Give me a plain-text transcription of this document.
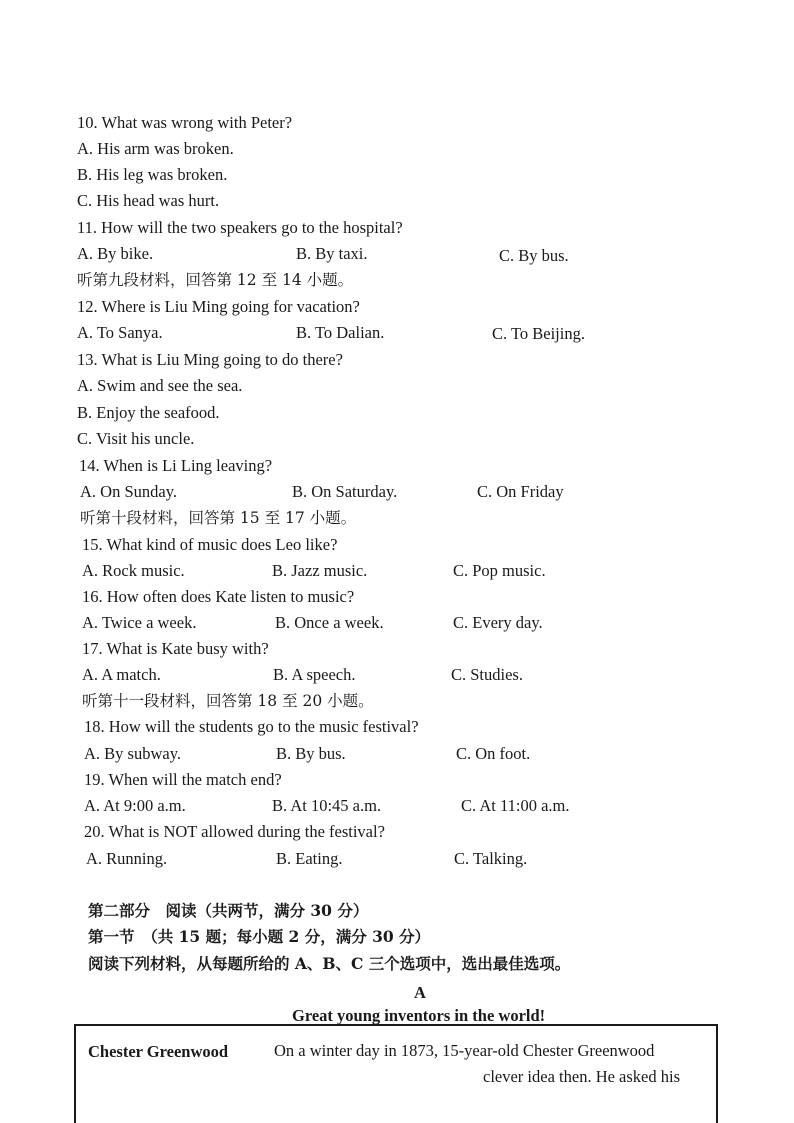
10. What was wrong with Peter?
A. His arm was broken.
B. His leg was broken.
C. His head was hurt.
11. How will the two speakers go to the hospital?
A. By bike.	B. By taxi.	C. By bus.
听第九段材料，回答第 12 至 14 小题。
12. Where is Liu Ming going for vacation?
A. To Sanya.	B. To Dalian.	C. To Beijing.
13. What is Liu Ming going to do there?
A. Swim and see the sea.
B. Enjoy the seafood.
C. Visit his uncle.
14. When is Li Ling leaving?
A. On Sunday.	B. On Saturday.	C. On Friday
听第十段材料，回答第 15 至 17 小题。
15. What kind of music does Leo like?
A. Rock music.	B. Jazz music.	C. Pop music.
16. How often does Kate listen to music?
A. Twice a week.	B. Once a week.	C. Every day.
17. What is Kate busy with?
A. A match.	B. A speech.	C. Studies.
听第十一段材料，回答第 18 至 20 小题。
18. How will the students go to the music festival?
A. By subway.	B. By bus.	C. On foot.
19. When will the match end?
A. At 9:00 a.m.	B. At 10:45 a.m.	C. At 11:00 a.m.
20. What is NOT allowed during the festival?
A. Running.	B. Eating.	C. Talking.
第二部分　阅读（共两节，满分 30 分）
第一节　（共 15 题；每小题 2 分，满分 30 分）
阅读下列材料，从每题所给的 A、B、C 三个选项中，选出最佳选项。
A
Great young inventors in the world!
Chester Greenwood	On a winter day in 1873, 15-year-old Chester Greenwood
clever idea then. He asked his
